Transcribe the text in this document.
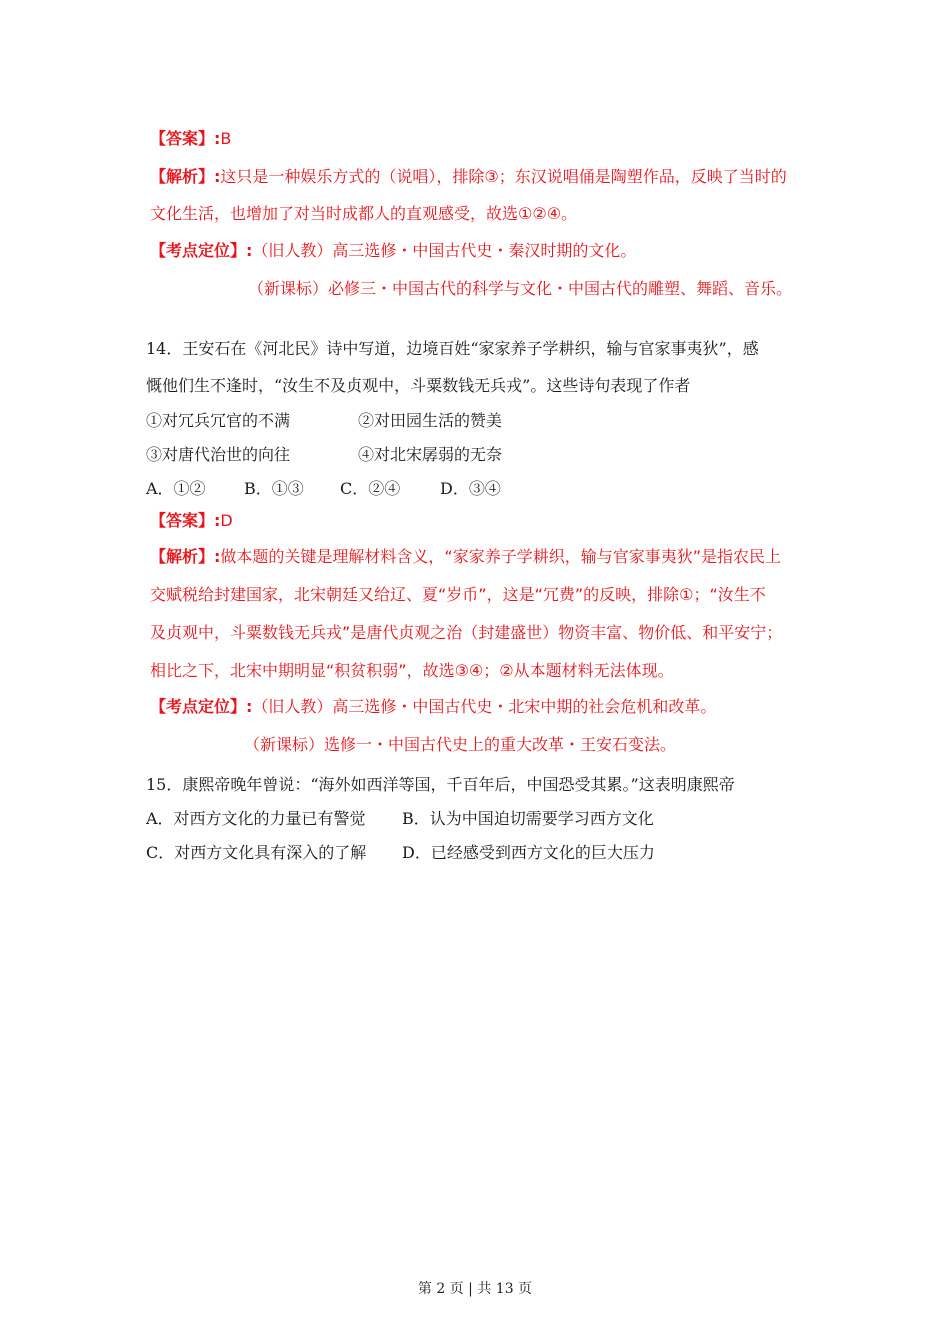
【答案】:B
【解析】:这只是一种娱乐方式的（说唱），排除③；东汉说唱俑是陶塑作品，反映了当时的
文化生活，也增加了对当时成都人的直观感受，故选①②④。
【考点定位】:（旧人教）高三选修・中国古代史・秦汉时期的文化。
（新课标）必修三・中国古代的科学与文化・中国古代的雕塑、舞蹈、音乐。
14．王安石在《河北民》诗中写道，边境百姓“家家养子学耕织，输与官家事夷狄”，感
慨他们生不逢时，“汝生不及贞观中，斗粟数钱无兵戎”。这些诗句表现了作者
①对冗兵冗官的不满	②对田园生活的赞美
③对唐代治世的向往	④对北宋孱弱的无奈
A．①② B．①③ C．②④ D．③④
【答案】:D
【解析】:做本题的关键是理解材料含义，“家家养子学耕织，输与官家事夷狄”是指农民上
交赋税给封建国家，北宋朝廷又给辽、夏“岁币”，这是“冗费”的反映，排除①；“汝生不
及贞观中，斗粟数钱无兵戎”是唐代贞观之治（封建盛世）物资丰富、物价低、和平安宁；
相比之下，北宋中期明显“积贫积弱”，故选③④；②从本题材料无法体现。
【考点定位】:（旧人教）高三选修・中国古代史・北宋中期的社会危机和改革。
（新课标）选修一・中国古代史上的重大改革・王安石变法。
15．康熙帝晚年曾说：“海外如西洋等国，千百年后，中国恐受其累。”这表明康熙帝
A．对西方文化的力量已有警觉 B．认为中国迫切需要学习西方文化
C．对西方文化具有深入的了解 D．已经感受到西方文化的巨大压力
第 2 页 | 共 13 页
